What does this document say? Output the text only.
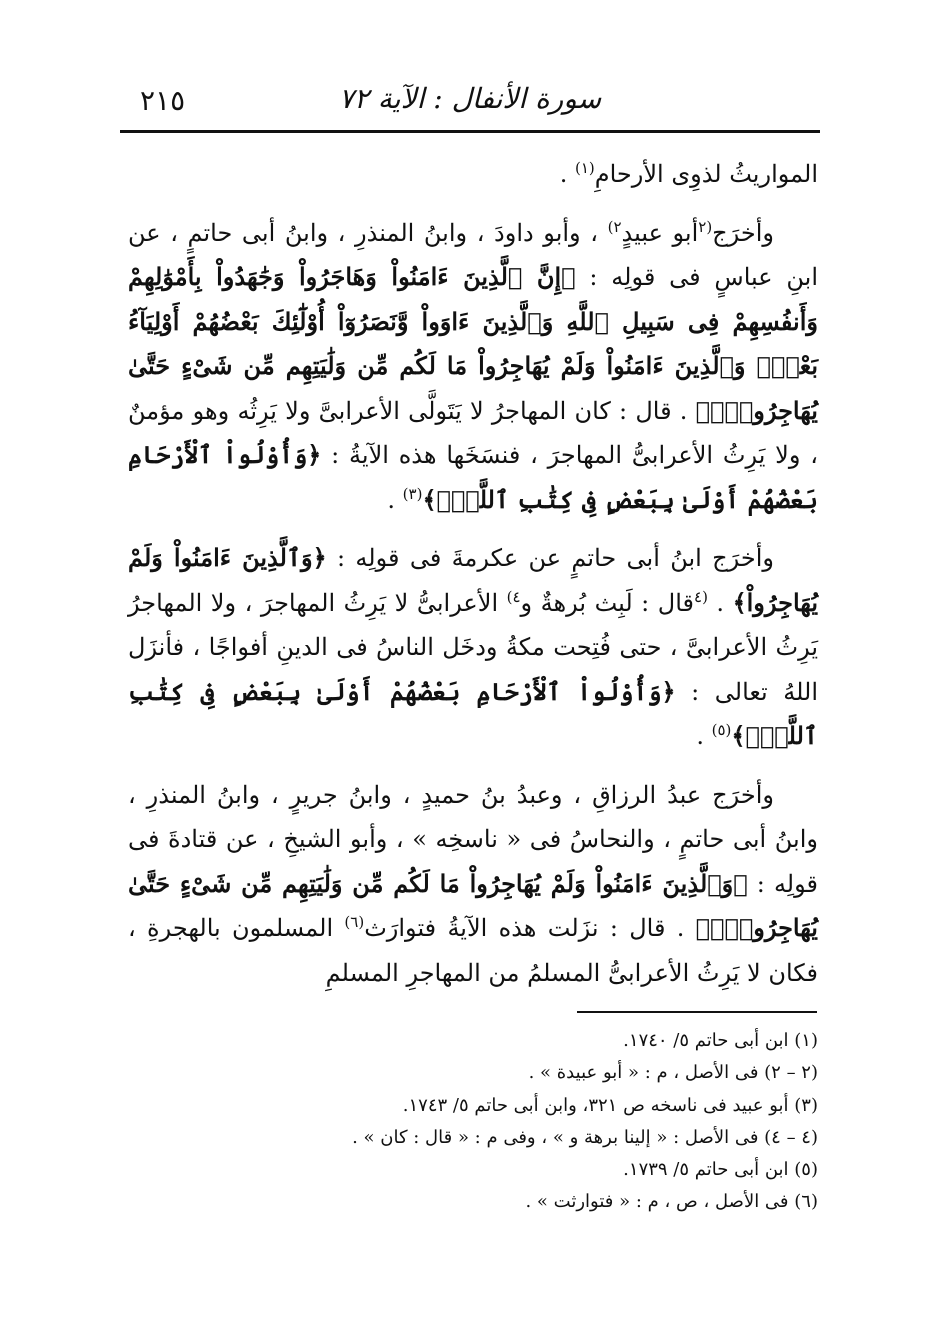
سورة الأنفال : الآية ٧٢
٢١٥

المواريثُ لذوِى الأرحامِ$^{(١)}$ .

وأخرَج$^{(٢}$أبو عبيدٍ$^{٢)}$ ، وأبو داودَ ، وابنُ المنذرِ ، وابنُ أبى حاتمٍ ، عن ابنِ عباسٍ فى قولِه : ﴿إِنَّ ٱلَّذِينَ ءَامَنُواْ وَهَاجَرُواْ وَجَٰهَدُواْ بِأَمْوَٰلِهِمْ وَأَنفُسِهِمْ فِى سَبِيلِ ٱللَّهِ وَٱلَّذِينَ ءَاوَواْ وَّنَصَرُوٓاْ أُوْلَٰٓئِكَ بَعْضُهُمْ أَوْلِيَآءُ بَعْضٍۚ وَٱلَّذِينَ ءَامَنُواْ وَلَمْ يُهَاجِرُواْ مَا لَكُم مِّن وَلَٰيَتِهِم مِّن شَىْءٍ حَتَّىٰ يُهَاجِرُواْۚ﴾ . قال : كان المهاجرُ لا يَتَولَّى الأعرابىَّ ولا يَرِثُه وهو مؤمنٌ ، ولا يَرِثُ الأعرابىُّ المهاجرَ ، فنسَخَها هذه الآيةُ : ﴿وَأُوْلُواْ ٱلْأَرْحَامِ بَعْضُهُمْ أَوْلَىٰ بِبَعْضٍ فِى كِتَٰبِ ٱللَّهِۚ﴾$^{(٣)}$ .

وأخرَج ابنُ أبى حاتمٍ عن عكرمةَ فى قولِه : ﴿وَٱلَّذِينَ ءَامَنُواْ وَلَمْ يُهَاجِرُواْ﴾ . $^{(٤}$قال : لَبِث بُرهةٌ و$^{٤)}$ الأعرابىُّ لا يَرِثُ المهاجرَ ، ولا المهاجرُ يَرِثُ الأعرابىَّ ، حتى فُتِحت مكةُ ودخَل الناسُ فى الدينِ أفواجًا ، فأنزَل اللهُ تعالى : ﴿وَأُوْلُواْ ٱلْأَرْحَامِ بَعْضُهُمْ أَوْلَىٰ بِبَعْضٍ فِى كِتَٰبِ ٱللَّهِۚ﴾$^{(٥)}$ .

وأخرَج عبدُ الرزاقِ ، وعبدُ بنُ حميدٍ ، وابنُ جريرٍ ، وابنُ المنذرِ ، وابنُ أبى حاتمٍ ، والنحاسُ فى « ناسخِه » ، وأبو الشيخِ ، عن قتادةَ فى قولِه : ﴿وَٱلَّذِينَ ءَامَنُواْ وَلَمْ يُهَاجِرُواْ مَا لَكُم مِّن وَلَٰيَتِهِم مِّن شَىْءٍ حَتَّىٰ يُهَاجِرُواْۚ﴾ . قال : نزَلت هذه الآيةُ فتوارَث$^{(٦)}$ المسلمون بالهجرةِ ، فكان لا يَرِثُ الأعرابىُّ المسلمُ من المهاجرِ المسلمِ

(١) ابن أبى حاتم ٥/ ١٧٤٠.
(٢ – ٢) فى الأصل ، م : « أبو عبيدة » .
(٣) أبو عبيد فى ناسخه ص ٣٢١، وابن أبى حاتم ٥/ ١٧٤٣.
(٤ – ٤) فى الأصل : « إلينا برهة و » ، وفى م : « قال : كان » .
(٥) ابن أبى حاتم ٥/ ١٧٣٩.
(٦) فى الأصل ، ص ، م : « فتوارثت » .
